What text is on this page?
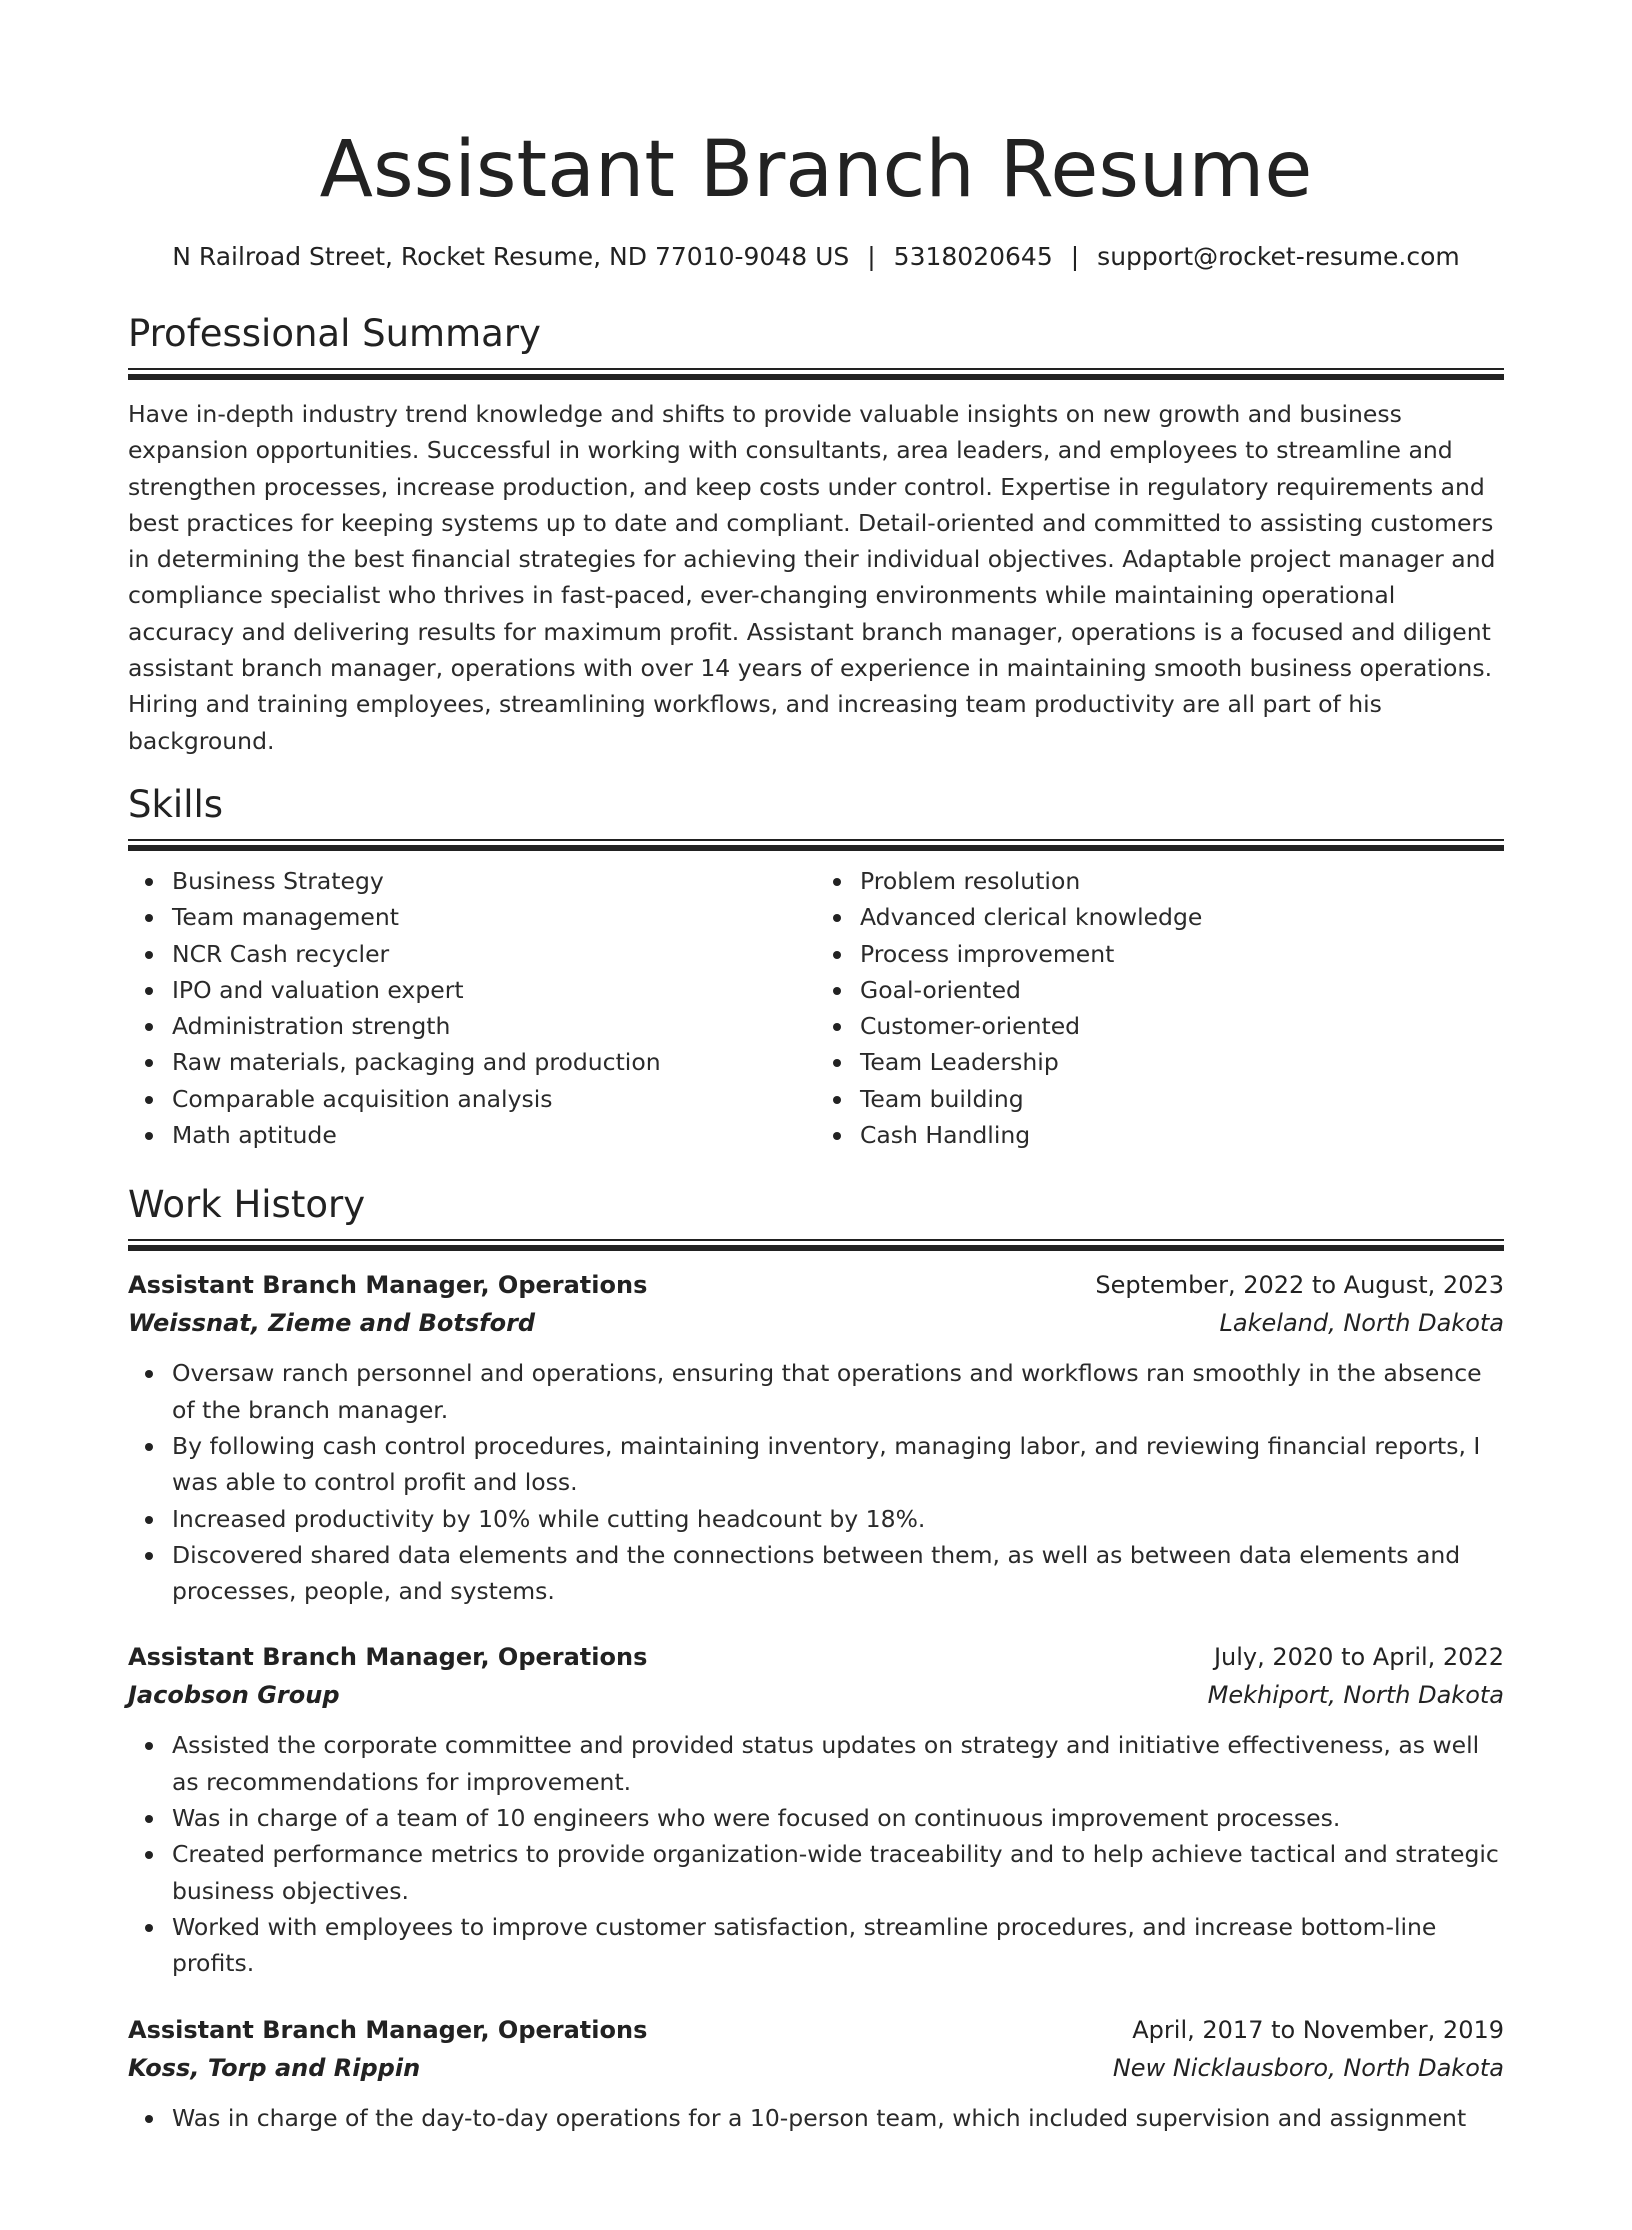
Assistant Branch Resume
N Railroad Street, Rocket Resume, ND 77010-9048 US | 5318020645 | support@rocket-resume.com
Professional Summary

Have in-depth industry trend knowledge and shifts to provide valuable insights on new growth and business expansion opportunities. Successful in working with consultants, area leaders, and employees to streamline and strengthen processes, increase production, and keep costs under control. Expertise in regulatory requirements and best practices for keeping systems up to date and compliant. Detail-oriented and committed to assisting customers in determining the best financial strategies for achieving their individual objectives. Adaptable project manager and compliance specialist who thrives in fast-paced, ever-changing environments while maintaining operational accuracy and delivering results for maximum profit. Assistant branch manager, operations is a focused and diligent assistant branch manager, operations with over 14 years of experience in maintaining smooth business operations. Hiring and training employees, streamlining workflows, and increasing team productivity are all part of his background.

Skills
Business Strategy
Team management
NCR Cash recycler
IPO and valuation expert
Administration strength
Raw materials, packaging and production
Comparable acquisition analysis
Math aptitude
Problem resolution
Advanced clerical knowledge
Process improvement
Goal-oriented
Customer-oriented
Team Leadership
Team building
Cash Handling
Work History
Assistant Branch Manager, Operations	September, 2022 to August, 2023
Weissnat, Zieme and Botsford	Lakeland, North Dakota
Oversaw ranch personnel and operations, ensuring that operations and workflows ran smoothly in the absence of the branch manager.
By following cash control procedures, maintaining inventory, managing labor, and reviewing financial reports, I was able to control profit and loss.
Increased productivity by 10% while cutting headcount by 18%.
Discovered shared data elements and the connections between them, as well as between data elements and processes, people, and systems.
Assistant Branch Manager, Operations	July, 2020 to April, 2022
Jacobson Group	Mekhiport, North Dakota
Assisted the corporate committee and provided status updates on strategy and initiative effectiveness, as well as recommendations for improvement.
Was in charge of a team of 10 engineers who were focused on continuous improvement processes.
Created performance metrics to provide organization-wide traceability and to help achieve tactical and strategic business objectives.
Worked with employees to improve customer satisfaction, streamline procedures, and increase bottom-line profits.
Assistant Branch Manager, Operations	April, 2017 to November, 2019
Koss, Torp and Rippin	New Nicklausboro, North Dakota
Was in charge of the day-to-day operations for a 10-person team, which included supervision and assignment
